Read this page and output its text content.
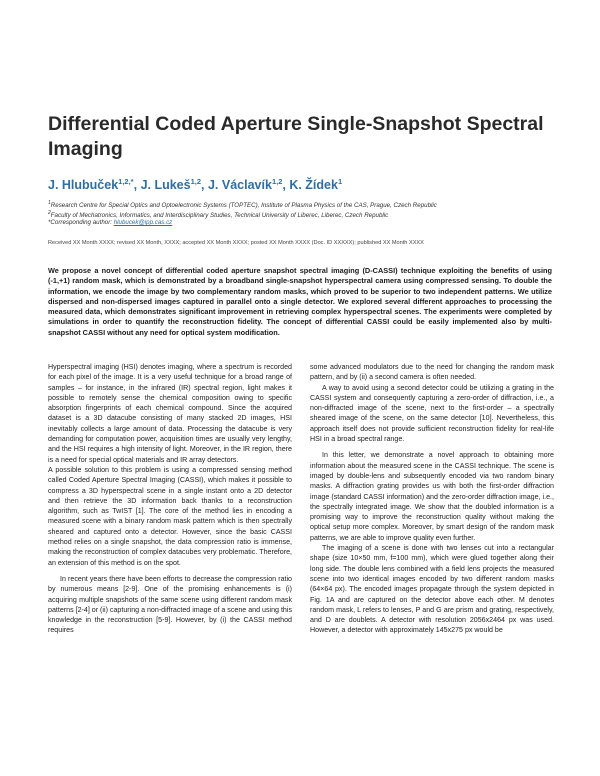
Differential Coded Aperture Single-Snapshot Spectral Imaging

J. Hlubuček$^{1,2,*}$, J. Lukeš$^{1,2}$, J. Václavík$^{1,2}$, K. Žídek$^1$

$^1$Research Centre for Special Optics and Optoelectronic Systems (TOPTEC), Institute of Plasma Physics of the CAS, Prague, Czech Republic

$^2$Faculty of Mechatronics, Informatics, and Interdisciplinary Studies, Technical University of Liberec, Liberec, Czech Republic

*Corresponding author: hlubucek@ipp.cas.cz

Received XX Month XXXX; revised XX Month, XXXX; accepted XX Month XXXX; posted XX Month XXXX (Doc. ID XXXXX); published XX Month XXXX

We propose a novel concept of differential coded aperture snapshot spectral imaging (D-CASSI) technique exploiting the benefits of using (-1,+1) random mask, which is demonstrated by a broadband single-snapshot hyperspectral camera using compressed sensing. To double the information, we encode the image by two complementary random masks, which proved to be superior to two independent patterns. We utilize dispersed and non-dispersed images captured in parallel onto a single detector. We explored several different approaches to processing the measured data, which demonstrates significant improvement in retrieving complex hyperspectral scenes. The experiments were completed by simulations in order to quantify the reconstruction fidelity. The concept of differential CASSI could be easily implemented also by multi-snapshot CASSI without any need for optical system modification.

Hyperspectral imaging (HSI) denotes imaging, where a spectrum is recorded for each pixel of the image. It is a very useful technique for a broad range of samples – for instance, in the infrared (IR) spectral region, light makes it possible to remotely sense the chemical composition owing to specific absorption fingerprints of each chemical compound. Since the acquired dataset is a 3D datacube consisting of many stacked 2D images, HSI inevitably collects a large amount of data. Processing the datacube is very demanding for computation power, acquisition times are usually very lengthy, and the HSI requires a high intensity of light. Moreover, in the IR region, there is a need for special optical materials and IR array detectors.

A possible solution to this problem is using a compressed sensing method called Coded Aperture Spectral Imaging (CASSI), which makes it possible to compress a 3D hyperspectral scene in a single instant onto a 2D detector and then retrieve the 3D information back thanks to a reconstruction algorithm, such as TwIST [1]. The core of the method lies in encoding a measured scene with a binary random mask pattern which is then spectrally sheared and captured onto a detector. However, since the basic CASSI method relies on a single snapshot, the data compression ratio is immense, making the reconstruction of complex datacubes very problematic. Therefore, an extension of this method is on the spot.

In recent years there have been efforts to decrease the compression ratio by numerous means [2-9]. One of the promising enhancements is (i) acquiring multiple snapshots of the same scene using different random mask patterns [2-4] or (ii) capturing a non-diffracted image of a scene and using this knowledge in the reconstruction [5-9]. However, by (i) the CASSI method requires

some advanced modulators due to the need for changing the random mask pattern, and by (ii) a second camera is often needed.

A way to avoid using a second detector could be utilizing a grating in the CASSI system and consequently capturing a zero-order of diffraction, i.e., a non-diffracted image of the scene, next to the first-order – a spectrally sheared image of the scene, on the same detector [10]. Nevertheless, this approach itself does not provide sufficient reconstruction fidelity for real-life HSI in a broad spectral range.

In this letter, we demonstrate a novel approach to obtaining more information about the measured scene in the CASSI technique. The scene is imaged by double-lens and subsequently encoded via two random binary masks. A diffraction grating provides us with both the first-order diffraction image (standard CASSI information) and the zero-order diffraction image, i.e., the spectrally integrated image. We show that the doubled information is a promising way to improve the reconstruction quality without making the optical setup more complex. Moreover, by smart design of the random mask patterns, we are able to improve quality even further.

The imaging of a scene is done with two lenses cut into a rectangular shape (size 10×50 mm, f=100 mm), which were glued together along their long side. The double lens combined with a field lens projects the measured scene into two identical images encoded by two different random masks (64×64 px). The encoded images propagate through the system depicted in Fig. 1A and are captured on the detector above each other. M denotes random mask, L refers to lenses, P and G are prism and grating, respectively, and D are doublets. A detector with resolution 2056x2464 px was used. However, a detector with approximately 145x275 px would be
